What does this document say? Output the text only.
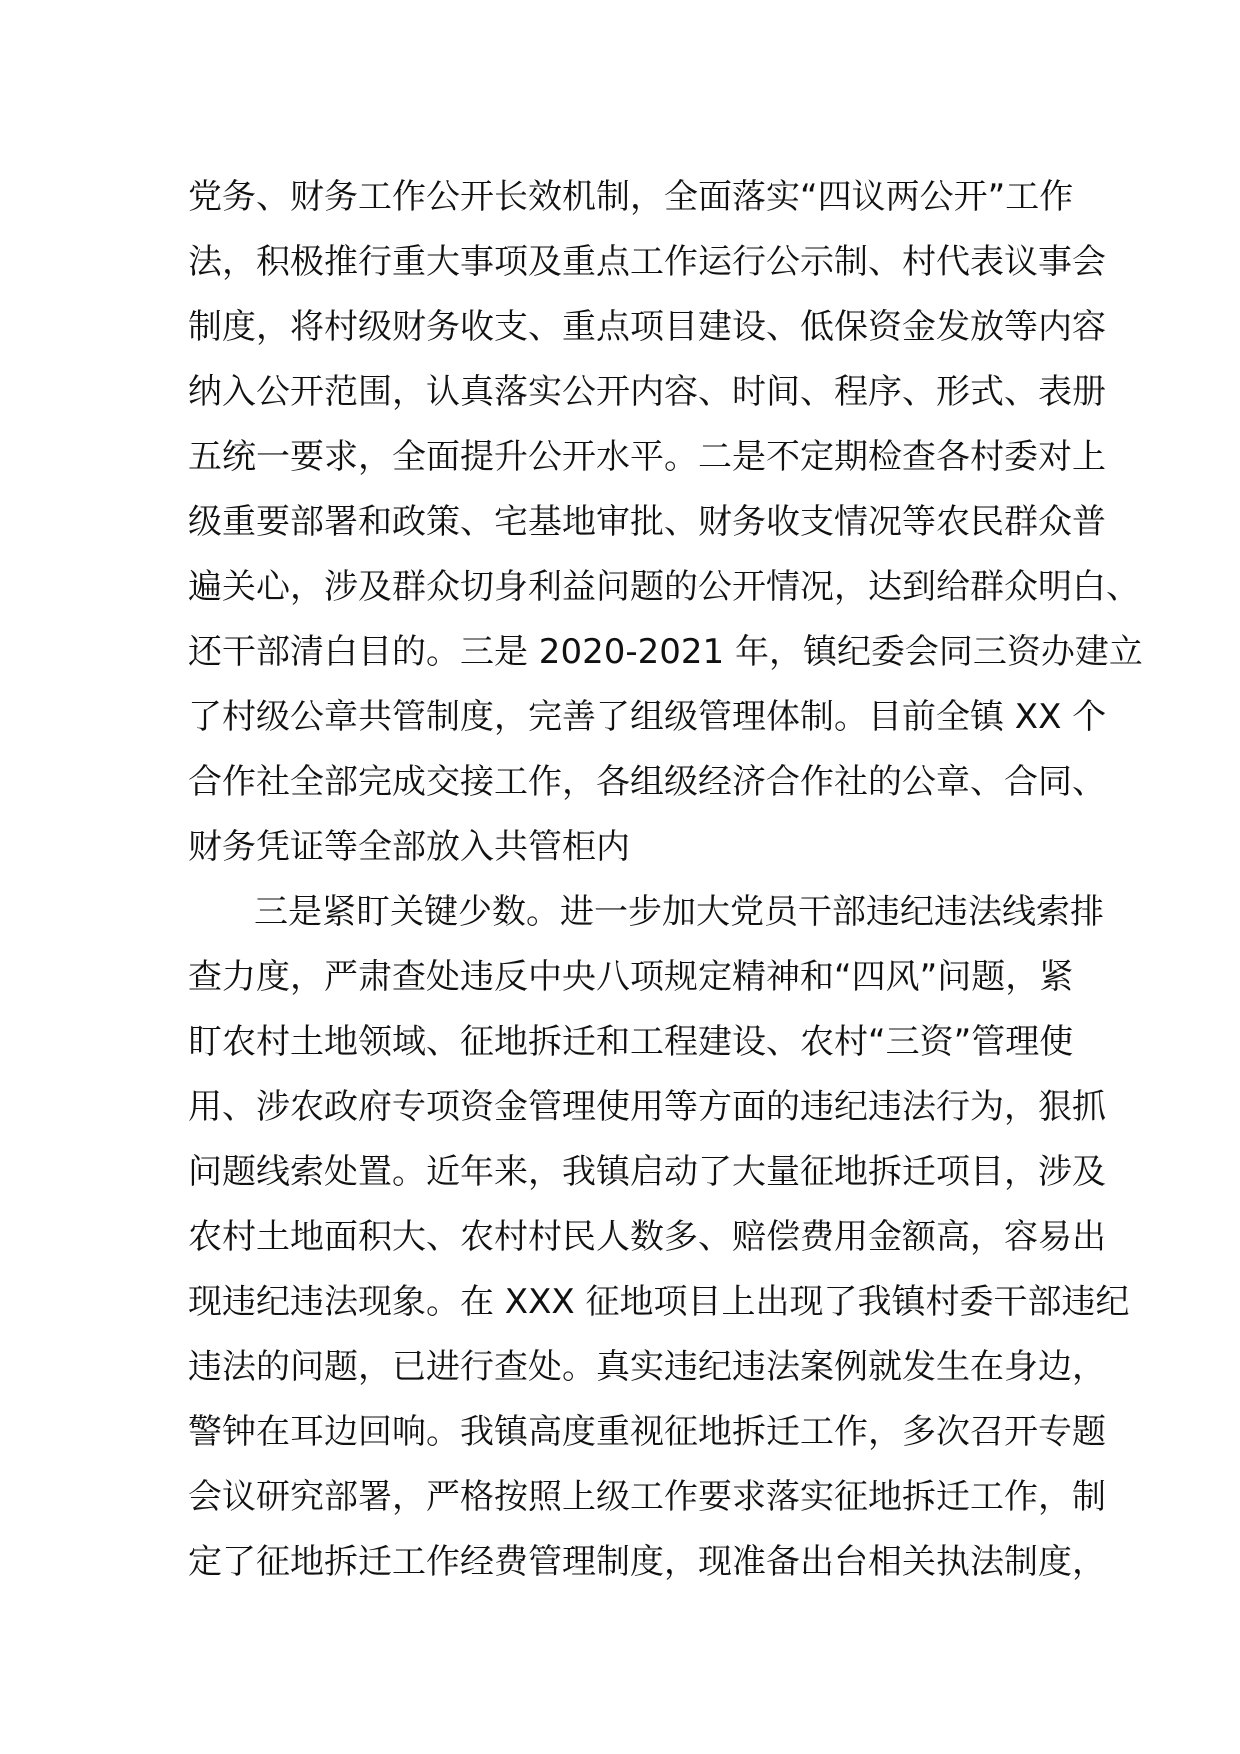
党务、财务工作公开长效机制，全面落实“四议两公开”工作
法，积极推行重大事项及重点工作运行公示制、村代表议事会
制度，将村级财务收支、重点项目建设、低保资金发放等内容
纳入公开范围，认真落实公开内容、时间、程序、形式、表册
五统一要求，全面提升公开水平。二是不定期检查各村委对上
级重要部署和政策、宅基地审批、财务收支情况等农民群众普
遍关心，涉及群众切身利益问题的公开情况，达到给群众明白、
还干部清白目的。三是 2020-2021 年，镇纪委会同三资办建立
了村级公章共管制度，完善了组级管理体制。目前全镇 XX 个
合作社全部完成交接工作，各组级经济合作社的公章、合同、
财务凭证等全部放入共管柜内
三是紧盯关键少数。进一步加大党员干部违纪违法线索排
查力度，严肃查处违反中央八项规定精神和“四风”问题，紧
盯农村土地领域、征地拆迁和工程建设、农村“三资”管理使
用、涉农政府专项资金管理使用等方面的违纪违法行为，狠抓
问题线索处置。近年来，我镇启动了大量征地拆迁项目，涉及
农村土地面积大、农村村民人数多、赔偿费用金额高，容易出
现违纪违法现象。在 XXX 征地项目上出现了我镇村委干部违纪
违法的问题，已进行查处。真实违纪违法案例就发生在身边，
警钟在耳边回响。我镇高度重视征地拆迁工作，多次召开专题
会议研究部署，严格按照上级工作要求落实征地拆迁工作，制
定了征地拆迁工作经费管理制度，现准备出台相关执法制度，
